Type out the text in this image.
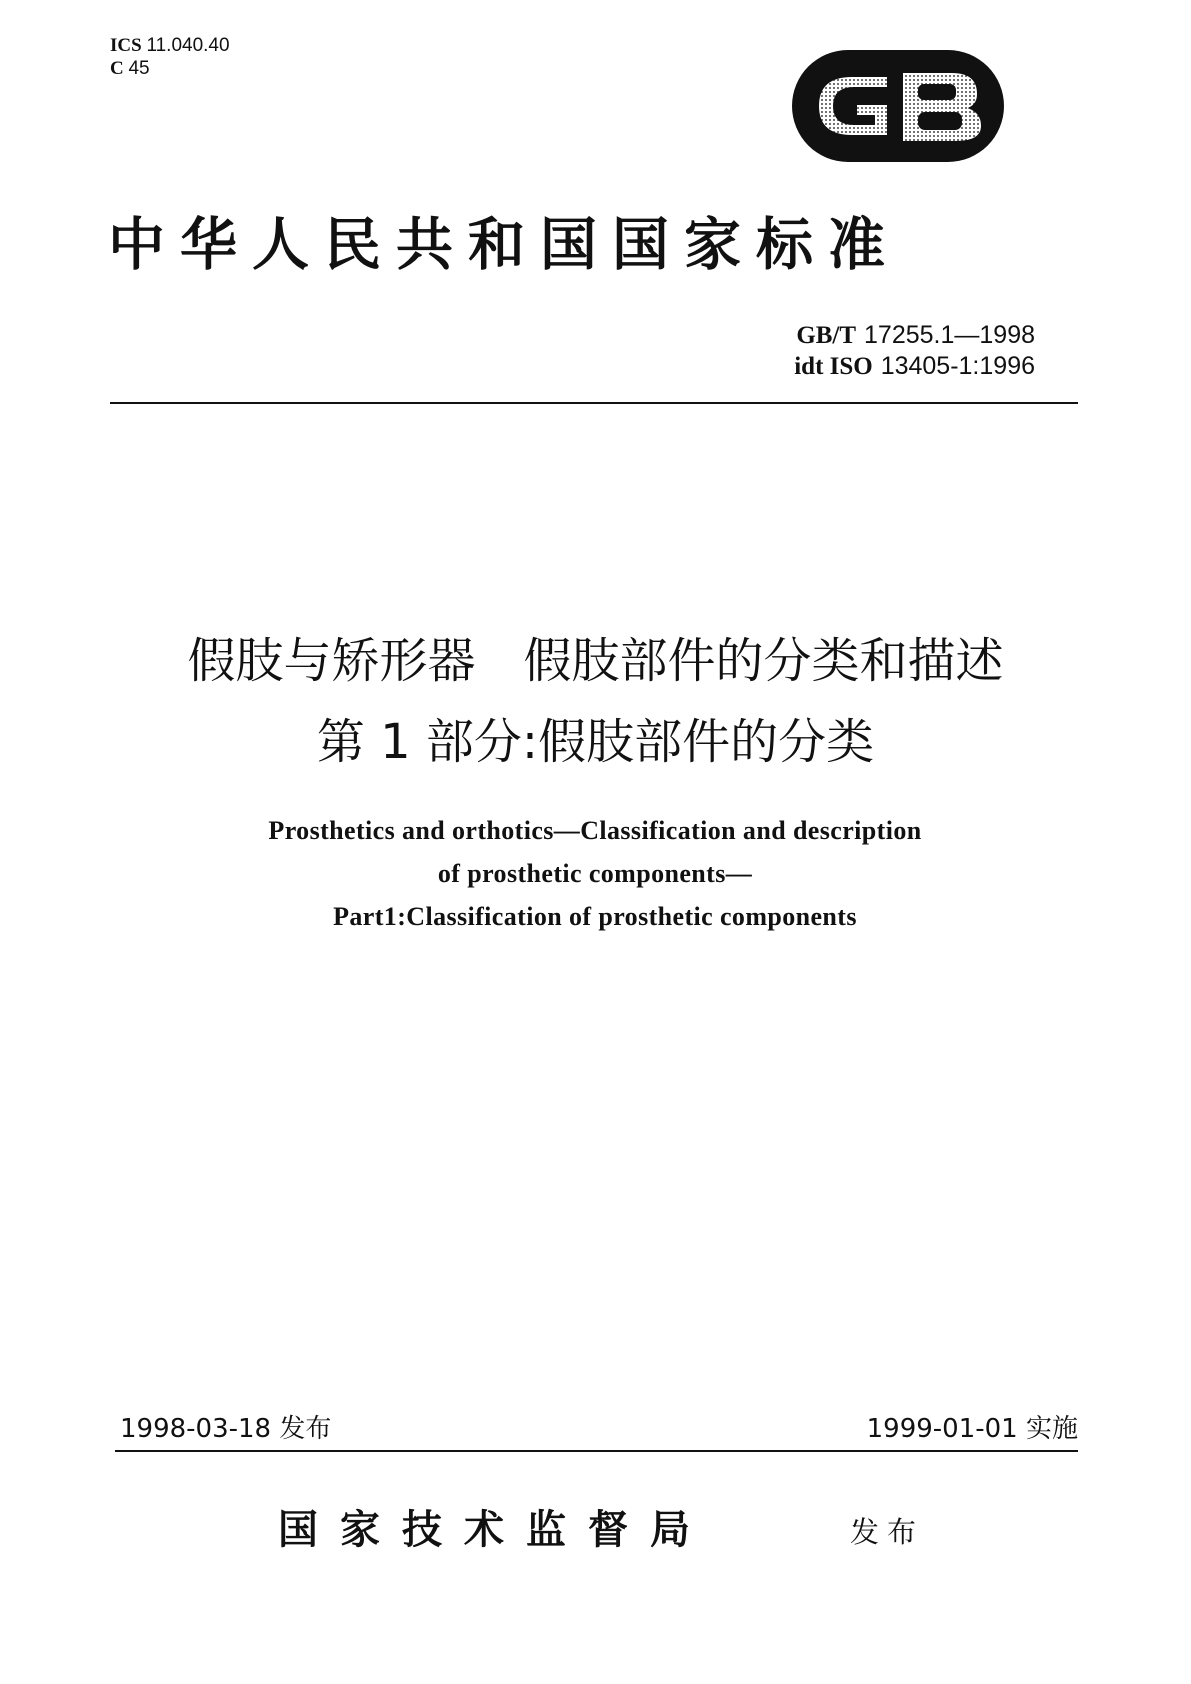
ICS 11.040.40
C 45
中华人民共和国国家标准
GB/T 17255.1—1998
idt ISO 13405-1:1996
假肢与矫形器　假肢部件的分类和描述
第 1 部分:假肢部件的分类
Prosthetics and orthotics—Classification and description
of prosthetic components—
Part1:Classification of prosthetic components
1998-03-18 发布	1999-01-01 实施
国家技术监督局	发布
